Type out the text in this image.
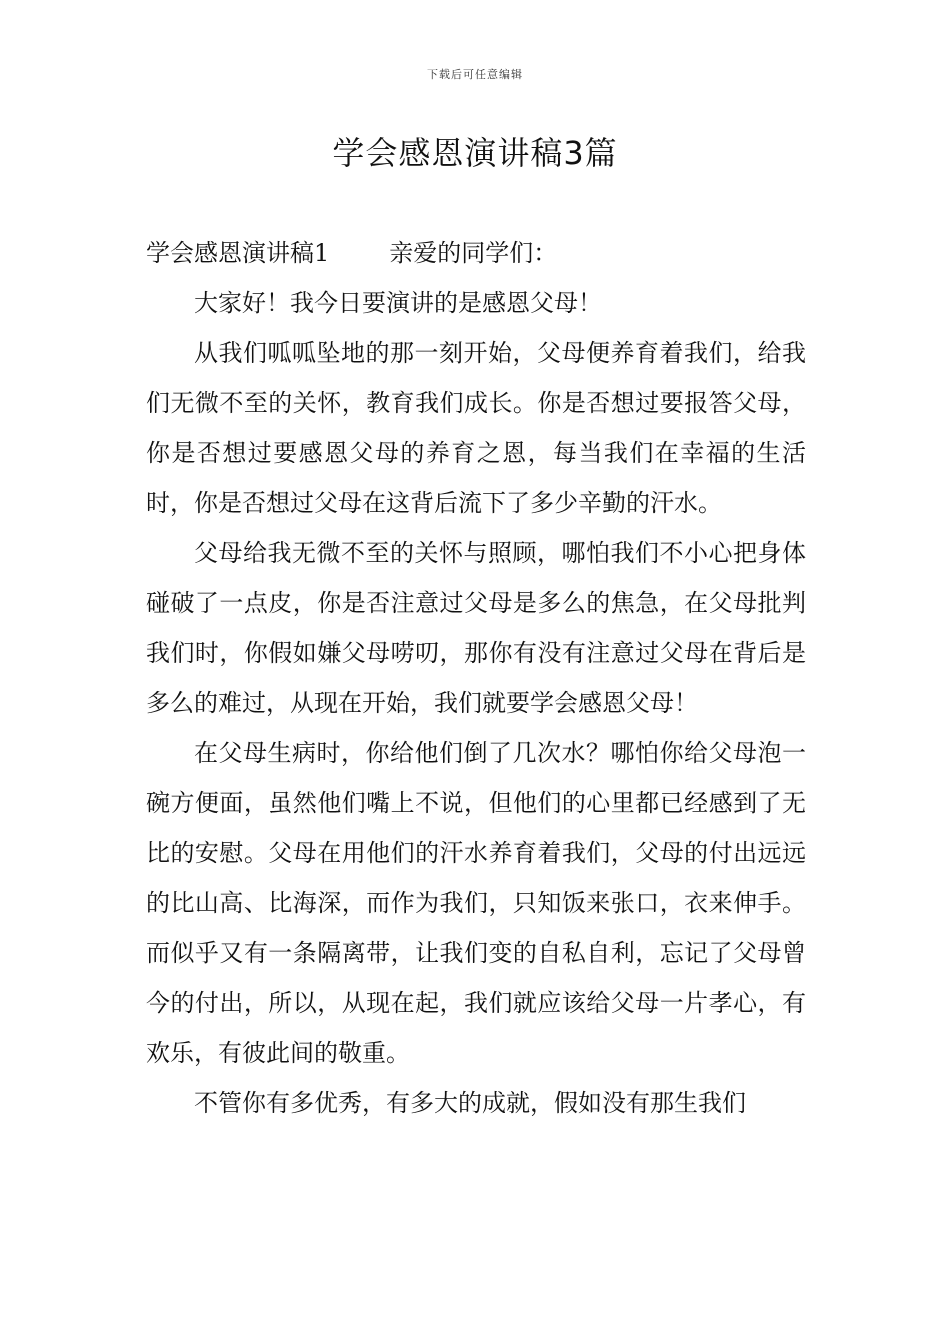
下载后可任意编辑
学会感恩演讲稿3篇

学会感恩演讲稿1	亲爱的同学们：

大家好！我今日要演讲的是感恩父母！

从我们呱呱坠地的那一刻开始，父母便养育着我们，给我们无微不至的关怀，教育我们成长。你是否想过要报答父母，你是否想过要感恩父母的养育之恩，每当我们在幸福的生活时，你是否想过父母在这背后流下了多少辛勤的汗水。

父母给我无微不至的关怀与照顾，哪怕我们不小心把身体碰破了一点皮，你是否注意过父母是多么的焦急，在父母批判我们时，你假如嫌父母唠叨，那你有没有注意过父母在背后是多么的难过，从现在开始，我们就要学会感恩父母！

在父母生病时，你给他们倒了几次水？哪怕你给父母泡一碗方便面，虽然他们嘴上不说，但他们的心里都已经感到了无比的安慰。父母在用他们的汗水养育着我们，父母的付出远远的比山高、比海深，而作为我们，只知饭来张口，衣来伸手。而似乎又有一条隔离带，让我们变的自私自利，忘记了父母曾今的付出，所以，从现在起，我们就应该给父母一片孝心，有欢乐，有彼此间的敬重。

不管你有多优秀，有多大的成就，假如没有那生我们
